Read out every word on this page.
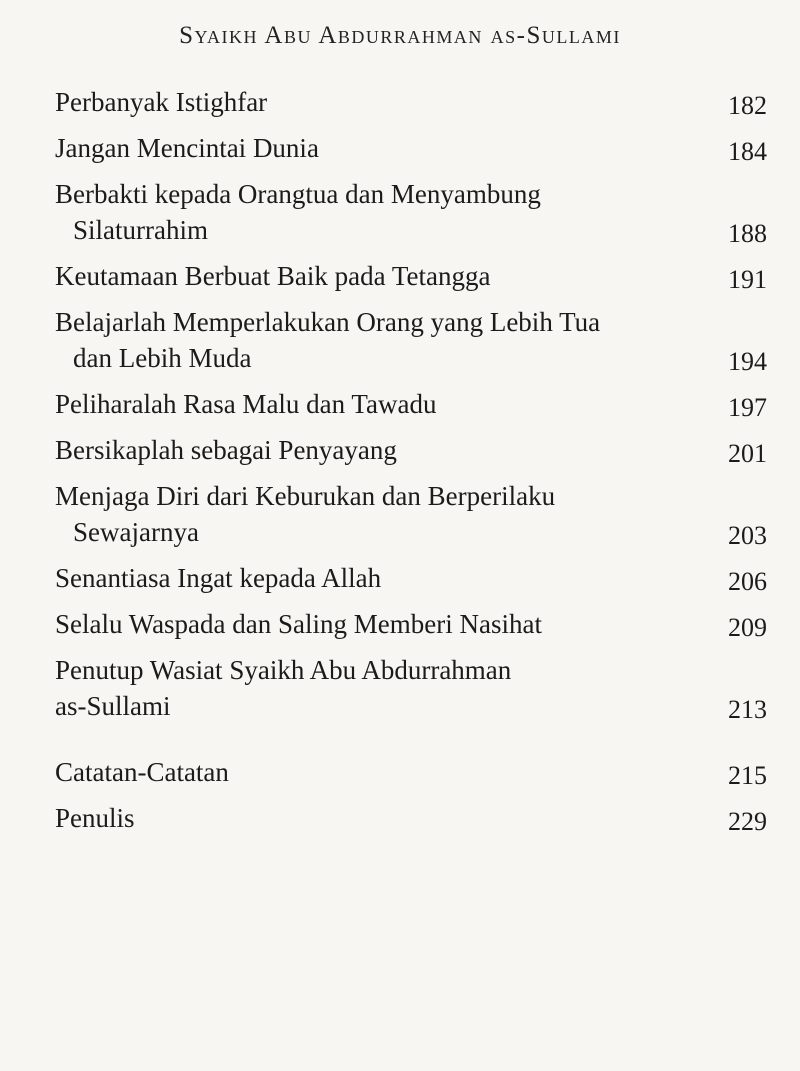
Syaikh Abu Abdurrahman as-Sullami
Perbanyak Istighfar	182
Jangan Mencintai Dunia	184
Berbakti kepada Orangtua dan Menyambung
Silaturrahim	188
Keutamaan Berbuat Baik pada Tetangga	191
Belajarlah Memperlakukan Orang yang Lebih Tua
dan Lebih Muda	194
Peliharalah Rasa Malu dan Tawadu	197
Bersikaplah sebagai Penyayang	201
Menjaga Diri dari Keburukan dan Berperilaku
Sewajarnya	203
Senantiasa Ingat kepada Allah	206
Selalu Waspada dan Saling Memberi Nasihat	209
Penutup Wasiat Syaikh Abu Abdurrahman
as-Sullami	213
Catatan-Catatan	215
Penulis	229
